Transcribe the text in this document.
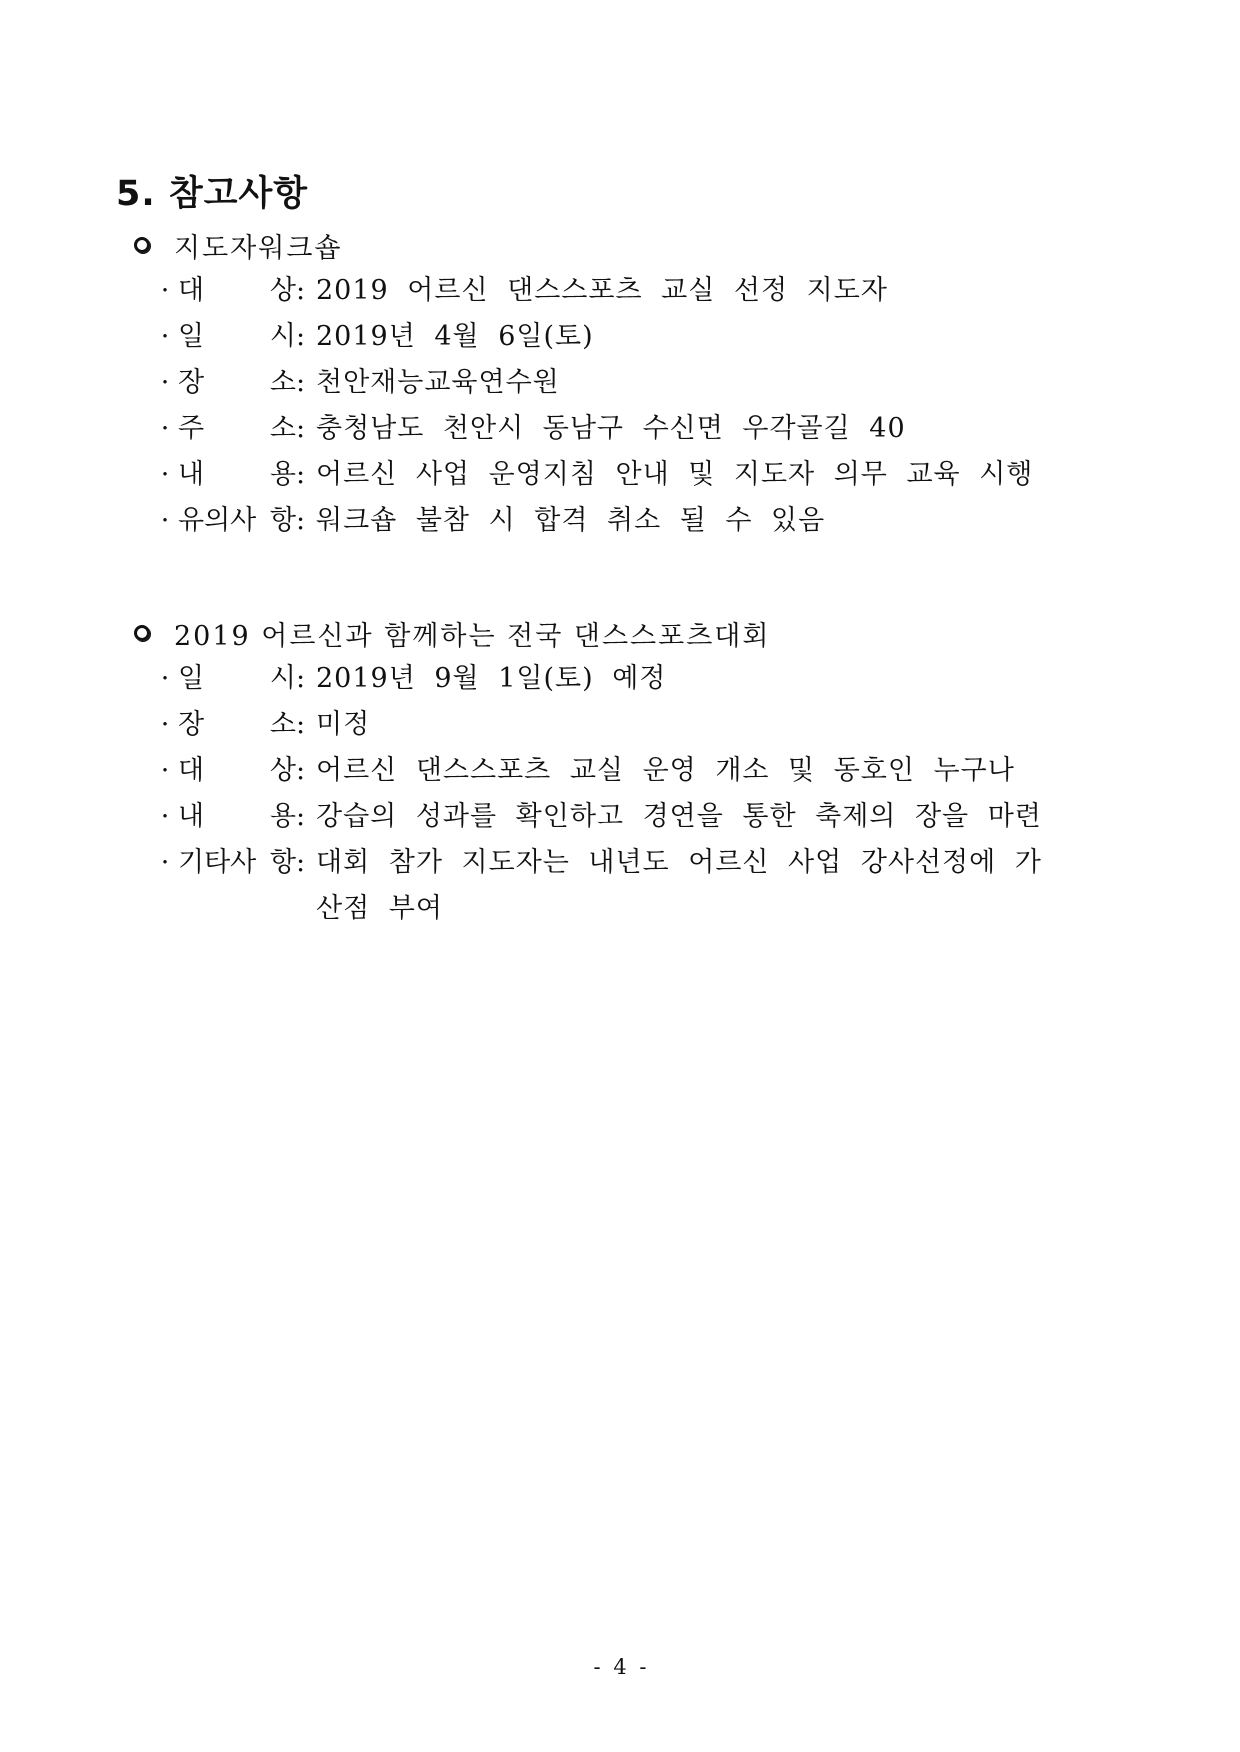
5. 참고사항
지도자워크숍
· 대 상 : 2019 어르신 댄스스포츠 교실 선정 지도자
· 일 시 : 2019년 4월 6일(토)
· 장 소 : 천안재능교육연수원
· 주 소 : 충청남도 천안시 동남구 수신면 우각골길 40
· 내 용 : 어르신 사업 운영지침 안내 및 지도자 의무 교육 시행
· 유의사 항 : 워크숍 불참 시 합격 취소 될 수 있음
2019 어르신과 함께하는 전국 댄스스포츠대회
· 일 시 : 2019년 9월 1일(토) 예정
· 장 소 : 미정
· 대 상 : 어르신 댄스스포츠 교실 운영 개소 및 동호인 누구나
· 내 용 : 강습의 성과를 확인하고 경연을 통한 축제의 장을 마련
· 기타사 항 : 대회 참가 지도자는 내년도 어르신 사업 강사선정에 가 산점 부여
- 4 -
